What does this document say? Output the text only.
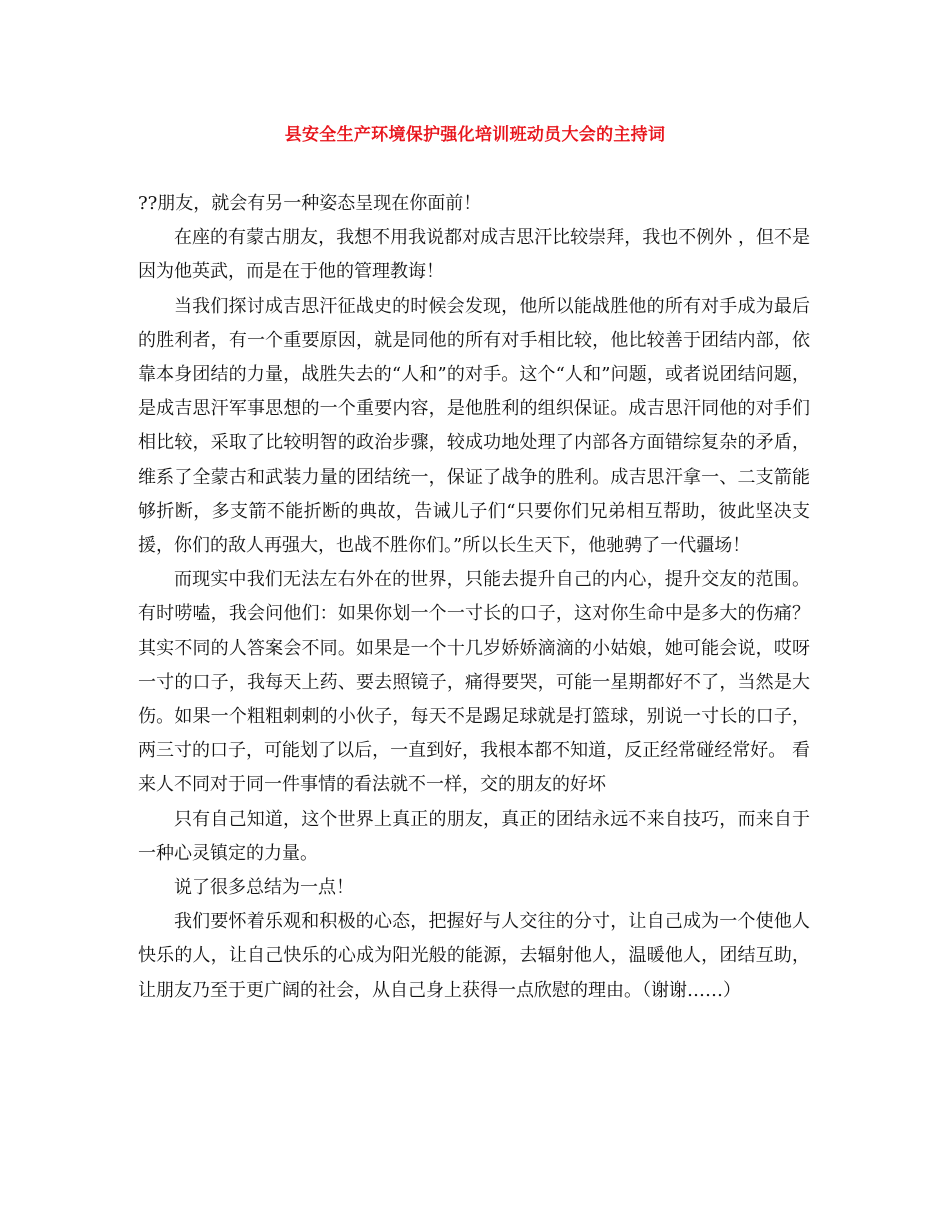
县安全生产环境保护强化培训班动员大会的主持词

??朋友，就会有另一种姿态呈现在你面前！

在座的有蒙古朋友，我想不用我说都对成吉思汗比较崇拜，我也不例外 ，但不是因为他英武，而是在于他的管理教诲！

当我们探讨成吉思汗征战史的时候会发现，他所以能战胜他的所有对手成为最后的胜利者，有一个重要原因，就是同他的所有对手相比较，他比较善于团结内部，依靠本身团结的力量，战胜失去的“人和”的对手。这个“人和”问题，或者说团结问题，是成吉思汗军事思想的一个重要内容，是他胜利的组织保证。成吉思汗同他的对手们相比较，采取了比较明智的政治步骤，较成功地处理了内部各方面错综复杂的矛盾，维系了全蒙古和武装力量的团结统一，保证了战争的胜利。成吉思汗拿一、二支箭能够折断，多支箭不能折断的典故，告诫儿子们“只要你们兄弟相互帮助，彼此坚决支援，你们的敌人再强大，也战不胜你们。”所以长生天下，他驰骋了一代疆场！

而现实中我们无法左右外在的世界，只能去提升自己的内心，提升交友的范围。有时唠嗑，我会问他们：如果你划一个一寸长的口子，这对你生命中是多大的伤痛？其实不同的人答案会不同。如果是一个十几岁娇娇滴滴的小姑娘，她可能会说，哎呀一寸的口子，我每天上药、要去照镜子，痛得要哭，可能一星期都好不了，当然是大伤。如果一个粗粗剌剌的小伙子，每天不是踢足球就是打篮球，别说一寸长的口子，两三寸的口子，可能划了以后，一直到好，我根本都不知道，反正经常碰经常好。 看来人不同对于同一件事情的看法就不一样，交的朋友的好坏

只有自己知道，这个世界上真正的朋友，真正的团结永远不来自技巧，而来自于一种心灵镇定的力量。

说了很多总结为一点！

我们要怀着乐观和积极的心态，把握好与人交往的分寸，让自己成为一个使他人快乐的人，让自己快乐的心成为阳光般的能源，去辐射他人，温暖他人，团结互助，让朋友乃至于更广阔的社会，从自己身上获得一点欣慰的理由。（谢谢……）
